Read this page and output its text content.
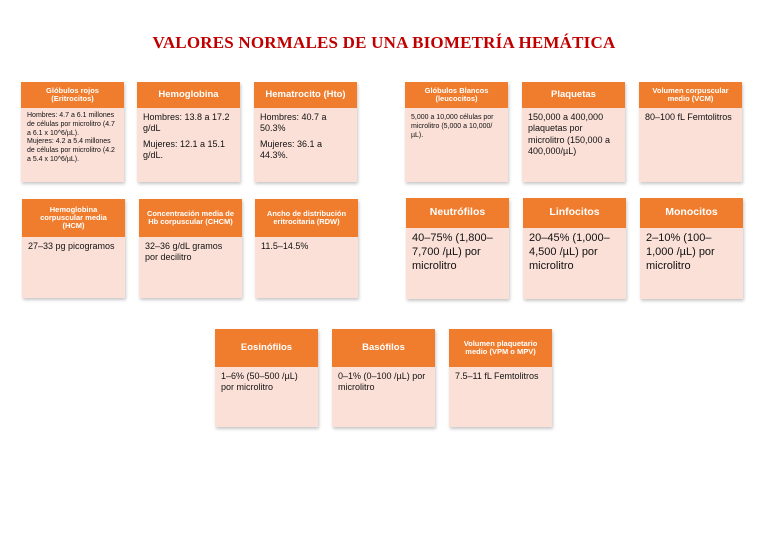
VALORES NORMALES DE UNA BIOMETRÍA HEMÁTICA
Glóbulos rojos (Eritrocitos)
Hombres: 4.7 a 6.1 millones de células por microlitro (4.7 a 6.1 x 10^6/µL).
Mujeres: 4.2 a 5.4 millones de células por microlitro (4.2 a 5.4 x 10^6/µL).
Hemoglobina
Hombres: 13.8 a 17.2 g/dL
Mujeres: 12.1 a 15.1 g/dL.
Hematrocito (Hto)
Hombres: 40.7 a 50.3%
Mujeres: 36.1 a 44.3%.
Glóbulos Blancos (leucocitos)
5,000 a 10,000 células por microlitro (5,000 a 10,000/µL).
Plaquetas
150,000 a 400,000 plaquetas por microlitro (150,000 a 400,000/µL)
Volumen corpuscular medio (VCM)
80–100 fL Femtolitros
Hemoglobina corpuscular media (HCM)
27–33 pg picogramos
Concentración media de Hb corpuscular (CHCM)
32–36 g/dL gramos por decilitro
Ancho de distribución eritrocitaria (RDW)
11.5–14.5%
Neutrófilos
40–75% (1,800–7,700 /µL) por microlitro
Linfocitos
20–45% (1,000–4,500 /µL) por microlitro
Monocitos
2–10% (100–1,000 /µL) por microlitro
Eosinófilos
1–6% (50–500 /µL) por microlitro
Basófilos
0–1% (0–100 /µL) por microlitro
Volumen plaquetario medio (VPM o MPV)
7.5–11 fL Femtolitros
